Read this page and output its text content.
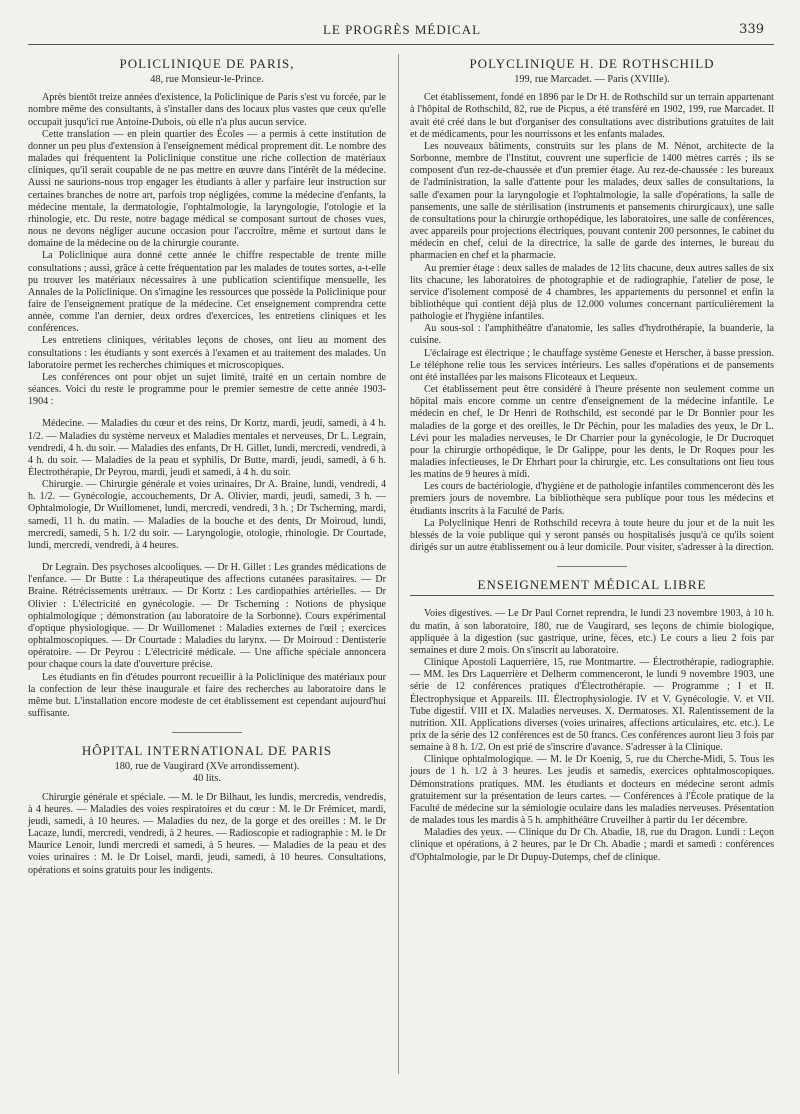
LE PROGRÈS MÉDICAL	339
POLICLINIQUE DE PARIS,
48, rue Monsieur-le-Prince.

Après bientôt treize années d'existence, la Policlinique de Paris s'est vu forcée, par le nombre même des consultants, à s'installer dans des locaux plus vastes que ceux qu'elle occupait jusqu'ici rue Antoine-Dubois, où elle n'a plus aucun service.

Cette translation — en plein quartier des Écoles — a permis à cette institution de donner un peu plus d'extension à l'enseignement médical proprement dit. Le nombre des malades qui fréquentent la Policlinique constitue une riche collection de matériaux cliniques, qu'il serait coupable de ne pas mettre en œuvre dans l'intérêt de la médecine. Aussi ne saurions-nous trop engager les étudiants à aller y parfaire leur instruction sur certaines branches de notre art, parfois trop négligées, comme la médecine d'enfants, la médecine mentale, la dermatologie, l'ophtalmologie, la laryngologie, l'otologie et la rhinologie, etc. Du reste, notre bagage médical se composant surtout de choses vues, nous ne devons négliger aucune occasion pour l'accroître, même et surtout dans le domaine de la médecine ou de la chirurgie courante.

La Policlinique aura donné cette année le chiffre respectable de trente mille consultations ; aussi, grâce à cette fréquentation par les malades de toutes sortes, a-t-elle pu trouver les matériaux nécessaires à une publication scientifique mensuelle, les Annales de la Policlinique. On s'imagine les ressources que possède la Policlinique pour faire de l'enseignement pratique de la médecine. Cet enseignement comprendra cette année, comme l'an dernier, deux ordres d'exercices, les entretiens cliniques et les conférences.

Les entretiens cliniques, véritables leçons de choses, ont lieu au moment des consultations : les étudiants y sont exercés à l'examen et au traitement des malades. Un laboratoire permet les recherches chimiques et microscopiques.

Les conférences ont pour objet un sujet limité, traité en un certain nombre de séances. Voici du reste le programme pour le premier semestre de cette année 1903-1904 :

Médecine. — Maladies du cœur et des reins, Dr Kortz, mardi, jeudi, samedi, à 4 h. 1/2. — Maladies du système nerveux et Maladies mentales et nerveuses, Dr L. Legrain, vendredi, 4 h. du soir. — Maladies des enfants, Dr H. Gillet, lundi, mercredi, vendredi, à 4 h. du soir. — Maladies de la peau et syphilis, Dr Butte, mardi, jeudi, samedi, à 6 h. Électrothérapie, Dr Peyrou, mardi, jeudi et samedi, à 4 h. du soir.

Chirurgie. — Chirurgie générale et voies urinaires, Dr A. Braine, lundi, vendredi, 4 h. 1/2. — Gynécologie, accouchements, Dr A. Olivier, mardi, jeudi, samedi, 3 h. — Ophtalmologie, Dr Wuillomenet, lundi, mercredi, vendredi, 3 h. ; Dr Tscherning, mardi, samedi, 11 h. du matin. — Maladies de la bouche et des dents, Dr Moiroud, lundi, mercredi, samedi, 5 h. 1/2 du soir. — Laryngologie, otologie, rhinologie. Dr Courtade, lundi, mercredi, vendredi, à 4 heures.

Dr Legrain. Des psychoses alcooliques. — Dr H. Gillet : Les grandes médications de l'enfance. — Dr Butte : La thérapeutique des affections cutanées parasitaires. — Dr Braine. Rétrécissements urétraux. — Dr Kortz : Les cardiopathies artérielles. — Dr Olivier : L'électricité en gynécologie. — Dr Tscherning : Notions de physique ophtalmologique ; démonstration (au laboratoire de la Sorbonne). Cours expérimental d'optique physiologique. — Dr Wuillomenet : Maladies externes de l'œil ; exercices ophtalmoscopiques. — Dr Courtade : Maladies du larynx. — Dr Moiroud : Dentisterie opératoire. — Dr Peyrou : L'électricité médicale. — Une affiche spéciale annoncera pour chaque cours la date d'ouverture précise.

Les étudiants en fin d'études pourront recueillir à la Policlinique des matériaux pour la confection de leur thèse inaugurale et faire des recherches au laboratoire dans le même but. L'installation encore modeste de cet établissement est cependant aujourd'hui suffisante.

HÔPITAL INTERNATIONAL DE PARIS
180, rue de Vaugirard (XVe arrondissement).
40 lits.

Chirurgie générale et spéciale. — M. le Dr Bilhaut, les lundis, mercredis, vendredis, à 4 heures. — Maladies des voies respiratoires et du cœur : M. le Dr Frémicet, mardi, jeudi, samedi, à 10 heures. — Maladies du nez, de la gorge et des oreilles : M. le Dr Lacaze, lundi, mercredi, vendredi, à 2 heures. — Radioscopie et radiographie : M. le Dr Maurice Lenoir, lundi mercredi et samedi, à 5 heures. — Maladies de la peau et des voies urinaires : M. le Dr Loisel, mardi, jeudi, samedi, à 10 heures. Consultations, opérations et soins gratuits pour les indigents.

POLYCLINIQUE H. DE ROTHSCHILD
199, rue Marcadet. — Paris (XVIIIe).

Cet établissement, fondé en 1896 par le Dr H. de Rothschild sur un terrain appartenant à l'hôpital de Rothschild, 82, rue de Picpus, a été transféré en 1902, 199, rue Marcadet. Il avait été créé dans le but d'organiser des consultations avec distributions gratuites de lait et de médicaments, pour les nourrissons et les enfants malades.

Les nouveaux bâtiments, construits sur les plans de M. Nénot, architecte de la Sorbonne, membre de l'Institut, couvrent une superficie de 1400 mètres carrés ; ils se composent d'un rez-de-chaussée et d'un premier étage. Au rez-de-chaussée : les bureaux de l'administration, la salle d'attente pour les malades, deux salles de consultations, la salle d'examen pour la laryngologie et l'ophtalmologie, la salle d'opérations, la salle de pansements, une salle de stérilisation (instruments et pansements chirurgicaux), une salle de consultations pour la chirurgie orthopédique, les laboratoires, une salle de conférences, avec appareils pour projections électriques, pouvant contenir 200 personnes, le cabinet du médecin en chef, celui de la directrice, la salle de garde des internes, le bureau du pharmacien en chef et la pharmacie.

Au premier étage : deux salles de malades de 12 lits chacune, deux autres salles de six lits chacune, les laboratoires de photographie et de radiographie, l'atelier de pose, le service d'isolement composé de 4 chambres, les appartements du personnel et enfin la bibliothèque qui contient déjà plus de 12.000 volumes concernant particulièrement la pathologie et l'hygiène infantiles.

Au sous-sol : l'amphithéâtre d'anatomie, les salles d'hydrothérapie, la buanderie, la cuisine.

L'éclairage est électrique ; le chauffage système Geneste et Herscher, à basse pression. Le téléphone relie tous les services intérieurs. Les salles d'opérations et de pansements ont été installées par les maisons Flicoteaux et Lequeux.

Cet établissement peut être considéré à l'heure présente non seulement comme un hôpital mais encore comme un centre d'enseignement de la médecine infantile. Le médecin en chef, le Dr Henri de Rothschild, est secondé par le Dr Bonnier pour les maladies de la gorge et des oreilles, le Dr Péchin, pour les maladies des yeux, le Dr L. Lévi pour les maladies nerveuses, le Dr Charrier pour la gynécologie, le Dr Ducroquet pour la chirurgie orthopédique, le Dr Galippe, pour les dents, le Dr Roques pour les maladies infectieuses, le Dr Ehrhart pour la chirurgie, etc. Les consultations ont lieu tous les matins de 9 heures à midi.

Les cours de bactériologie, d'hygiène et de pathologie infantiles commenceront dès les premiers jours de novembre. La bibliothèque sera publique pour tous les médecins et étudiants inscrits à la Faculté de Paris.

La Polyclinique Henri de Rothschild recevra à toute heure du jour et de la nuit les blessés de la voie publique qui y seront pansés ou hospitalisés jusqu'à ce qu'ils soient dirigés sur un autre établissement ou à leur domicile. Pour visiter, s'adresser à la direction.

ENSEIGNEMENT MÉDICAL LIBRE

Voies digestives. — Le Dr Paul Cornet reprendra, le lundi 23 novembre 1903, à 10 h. du matin, à son laboratoire, 180, rue de Vaugirard, ses leçons de chimie biologique, appliquée à la digestion (suc gastrique, urine, fèces, etc.) Le cours a lieu 2 fois par semaines et dure 2 mois. On s'inscrit au laboratoire.

Clinique Apostoli Laquerrière, 15, rue Montmartre. — Électrothérapie, radiographie. — MM. les Drs Laquerrière et Delherm commenceront, le lundi 9 novembre 1903, une série de 12 conférences pratiques d'Électrothérapie. — Programme ; I et II. Électrophysique et Appareils. III. Électrophysiologie. IV et V. Gynécologie. V. et VII. Tube digestif. VIII et IX. Maladies nerveuses. X. Dermatoses. XI. Ralentissement de la nutrition. XII. Applications diverses (voies urinaires, affections articulaires, etc. etc.). Le prix de la série des 12 conférences est de 50 francs. Ces conférences auront lieu 3 fois par semaine à 8 h. 1/2. On est prié de s'inscrire d'avance. S'adresser à la Clinique.

Clinique ophtalmologique. — M. le Dr Koenig, 5, rue du Cherche-Midi, 5. Tous les jours de 1 h. 1/2 à 3 heures. Les jeudis et samedis, exercices ophtalmoscopiques. Démonstrations pratiques. MM. les étudiants et docteurs en médecine seront admis gratuitement sur la présentation de leurs cartes. — Conférences à l'École pratique de la Faculté de médecine sur la sémiologie oculaire dans les maladies nerveuses. Présentation de malades tous les mardis à 5 h. amphithéâtre Cruveilher à partir du 1er décembre.

Maladies des yeux. — Clinique du Dr Ch. Abadie, 18, rue du Dragon. Lundi : Leçon clinique et opérations, à 2 heures, par le Dr Ch. Abadie ; mardi et samedi : conférences d'Ophtalmologie, par le Dr Dupuy-Dutemps, chef de clinique.
